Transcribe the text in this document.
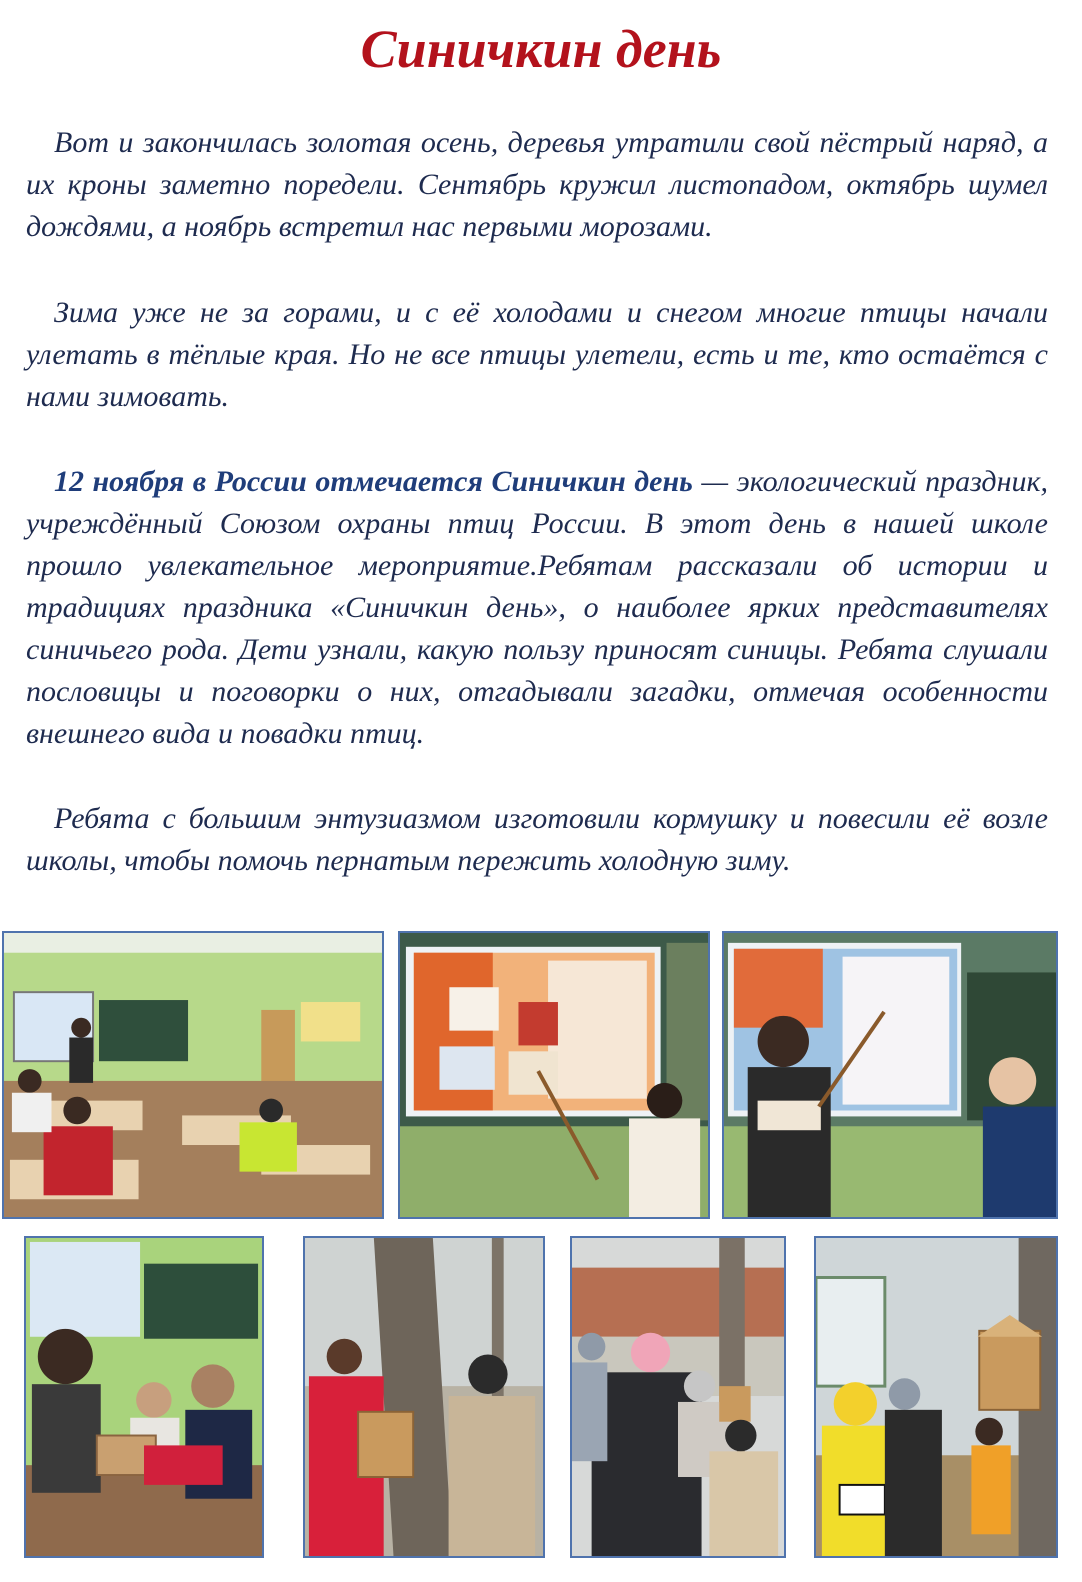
Синичкин день

Вот и закончилась золотая осень, деревья утратили свой пёстрый наряд, а их кроны заметно поредели. Сентябрь кружил листопадом, октябрь шумел дождями, а ноябрь встретил нас первыми морозами.

Зима уже не за горами, и с её холодами и снегом многие птицы начали улетать в тёплые края. Но не все птицы улетели, есть и те, кто остаётся с нами зимовать.

12 ноября в России отмечается Синичкин день — экологический праздник, учреждённый Союзом охраны птиц России. В этот день в нашей школе прошло увлекательное мероприятие.Ребятам рассказали об истории и традициях праздника «Синичкин день», о наиболее ярких представителях синичьего рода. Дети узнали, какую пользу приносят синицы. Ребята слушали пословицы и поговорки о них, отгадывали загадки, отмечая особенности внешнего вида и повадки птиц.

Ребята с большим энтузиазмом изготовили кормушку и повесили её возле школы, чтобы помочь пернатым пережить холодную зиму.
